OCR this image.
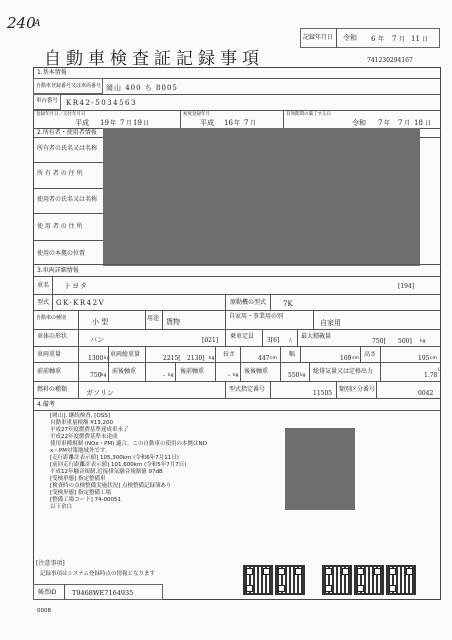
240
A
記録年月日 令和 6 年 7 月 11 日
自動車検査証記録事項	741230294167
1.基本情報
自動車登録番号又は車両番号 岡山 400 ち 8005
車台番号 KR42-5034563
登録年月日／交付年月日
平成 19 年 7 月 19 日
初度登録年月
平成 16 年 7 月
有効期間の満了する日
令和 7 年 7 月 18 日
2.所有者・使用者情報
所有者の氏名又は名称
所 有 者 の 住 所
使用者の氏名又は名称
使 用 者 の 住 所
使用の本拠の位置
3.車両詳細情報
車名 トヨタ	[194]
型式 GK-KR42V	原動機の型式 7K
自動車の種別	小 型	用途 貨物
自家用・事業用の別
自家用
車体の形状	バン	[021]
乗車定員
3[6] 人
最大積載量
750[ 500] kg
車両重量
1300 kg
車両総重量
2215[ 2130] kg
長さ
447 cm
幅
169 cm
高さ
195 cm
前前軸重
750 kg
前後軸重
- kg
後前軸重
- kg
後後軸重
550 kg
総排気量又は定格出力
1.78
L
燃料の種類	ガソリン	型式指定番号
11505
類別区分番号
0042
4.備考
[岡山], 継続検査, [OSS]
自動車重量税額 ¥13,200
平成27年度燃費基準達成車未了
平成22年度燃費基準未達成
使用車種規制 (NOx・PM) 適合。この自動車の使用の本拠はNO
x・PM対策地域外です。
[走行距離計表示値] 105,300km (令和6年7月11日)
[前回走行距離計表示値] 101,600km (令和5年7月7日)
平成12年騒音規制,近接排気騒音規制値 97dB
[受検形態] 指定整備車
[検査時の点検整備実施状況] 点検整備記録簿あり
[受検形態] 指定整備工場
[整備工場コード] 74-00051
以下余白
[注意事項]
記録事項はシステム登録時点の情報となります
帳票ID T9468WE7164935
0008
